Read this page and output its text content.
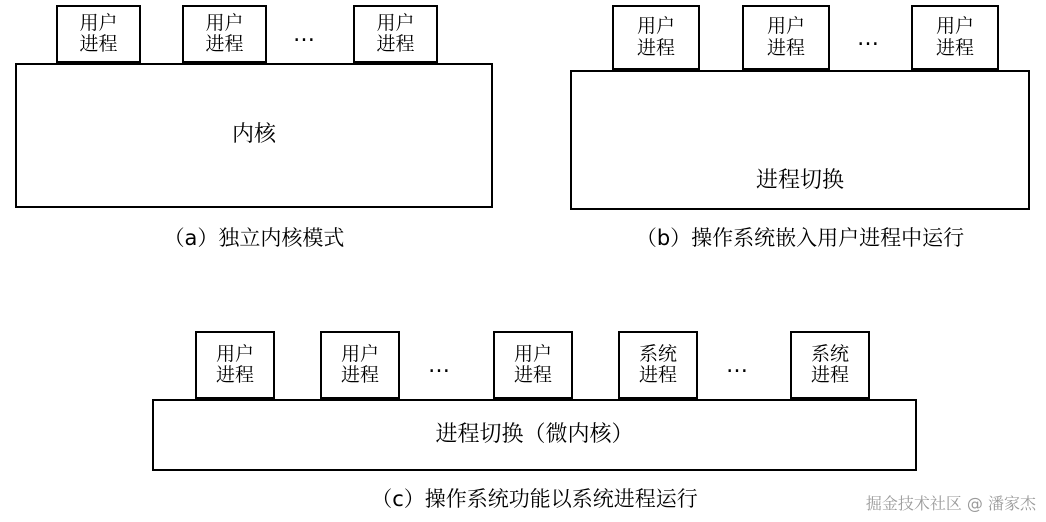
用户
进程
用户
进程	…	用户
进程
内核
（a）独立内核模式
用户
进程
用户
进程	…	用户
进程
进程切换
（b）操作系统嵌入用户进程中运行
用户
进程
用户
进程	…	用户
进程
系统
进程	…	系统
进程
进程切换（微内核）
（c）操作系统功能以系统进程运行	掘金技术社区 @ 潘家杰
